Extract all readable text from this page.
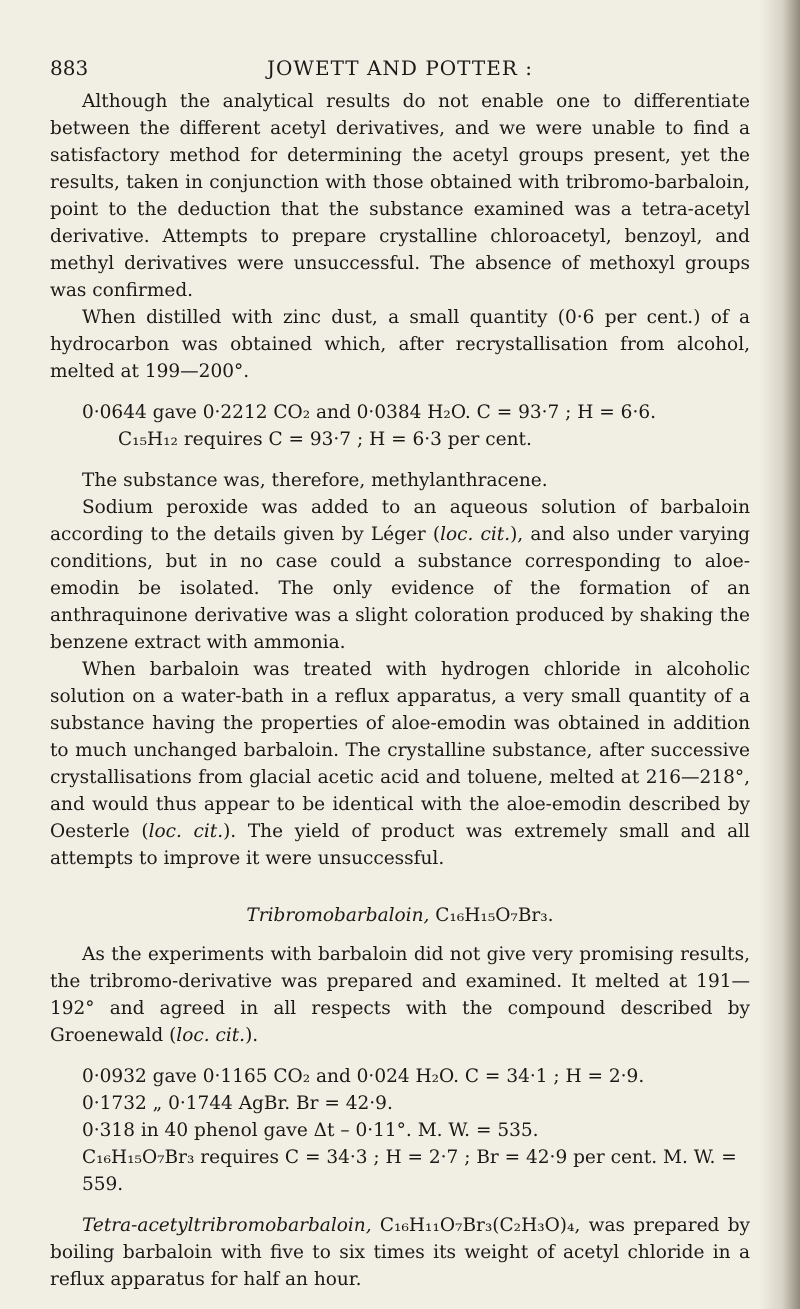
883	JOWETT AND POTTER :

Although the analytical results do not enable one to differentiate between the different acetyl derivatives, and we were unable to find a satisfactory method for determining the acetyl groups present, yet the results, taken in conjunction with those obtained with tribromo-barbaloin, point to the deduction that the substance examined was a tetra-acetyl derivative. Attempts to prepare crystalline chloroacetyl, benzoyl, and methyl derivatives were unsuccessful. The absence of methoxyl groups was confirmed.

When distilled with zinc dust, a small quantity (0·6 per cent.) of a hydrocarbon was obtained which, after recrystallisation from alcohol, melted at 199—200°.

0·0644 gave 0·2212 CO₂ and 0·0384 H₂O. C = 93·7 ; H = 6·6.

C₁₅H₁₂ requires C = 93·7 ; H = 6·3 per cent.

The substance was, therefore, methylanthracene.

Sodium peroxide was added to an aqueous solution of barbaloin according to the details given by Léger (loc. cit.), and also under varying conditions, but in no case could a substance corresponding to aloe-emodin be isolated. The only evidence of the formation of an anthraquinone derivative was a slight coloration produced by shaking the benzene extract with ammonia.

When barbaloin was treated with hydrogen chloride in alcoholic solution on a water-bath in a reflux apparatus, a very small quantity of a substance having the properties of aloe-emodin was obtained in addition to much unchanged barbaloin. The crystalline substance, after successive crystallisations from glacial acetic acid and toluene, melted at 216—218°, and would thus appear to be identical with the aloe-emodin described by Oesterle (loc. cit.). The yield of product was extremely small and all attempts to improve it were unsuccessful.

Tribromobarbaloin, C₁₆H₁₅O₇Br₃.

As the experiments with barbaloin did not give very promising results, the tribromo-derivative was prepared and examined. It melted at 191—192° and agreed in all respects with the compound described by Groenewald (loc. cit.).

0·0932 gave 0·1165 CO₂ and 0·024 H₂O. C = 34·1 ; H = 2·9.

0·1732 „ 0·1744 AgBr. Br = 42·9.

0·318 in 40 phenol gave Δt – 0·11°. M. W. = 535.

C₁₆H₁₅O₇Br₃ requires C = 34·3 ; H = 2·7 ; Br = 42·9 per cent. M. W. = 559.

Tetra-acetyltribromobarbaloin, C₁₆H₁₁O₇Br₃(C₂H₃O)₄, was prepared by boiling barbaloin with five to six times its weight of acetyl chloride in a reflux apparatus for half an hour.
